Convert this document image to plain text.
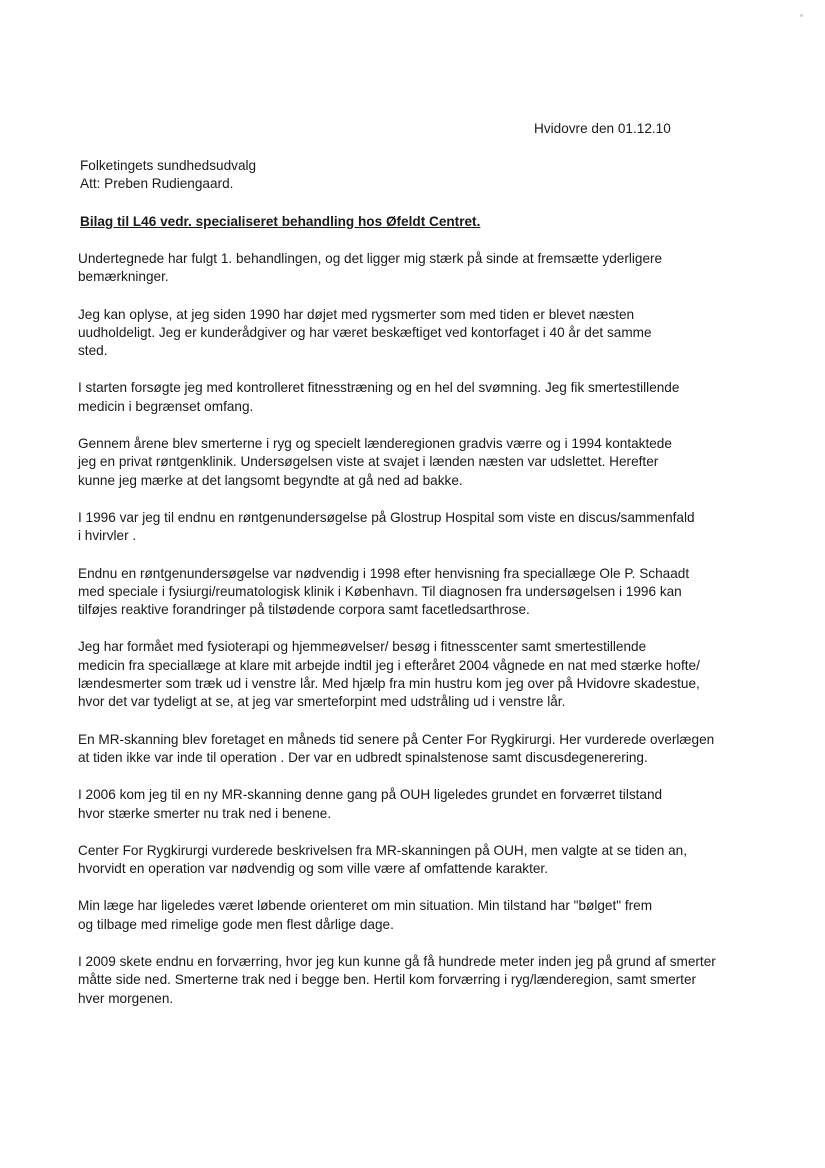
Hvidovre den 01.12.10
Folketingets sundhedsudvalg
Att: Preben Rudiengaard.
Bilag til L46 vedr. specialiseret behandling hos Øfeldt Centret.
Undertegnede har fulgt 1. behandlingen, og det ligger mig stærk på sinde at fremsætte yderligere
bemærkninger.
Jeg kan oplyse, at jeg siden 1990 har døjet med rygsmerter som med tiden er blevet næsten
uudholdeligt. Jeg er kunderådgiver og har været beskæftiget ved kontorfaget i 40 år det samme
sted.
I starten forsøgte jeg med kontrolleret fitnesstræning og en hel del svømning. Jeg fik smertestillende
medicin i begrænset omfang.
Gennem årene blev smerterne i ryg og specielt lænderegionen gradvis værre og i 1994 kontaktede
jeg en privat røntgenklinik. Undersøgelsen viste at svajet i lænden næsten var udslettet. Herefter
kunne jeg mærke at det langsomt begyndte at gå ned ad bakke.
I 1996 var jeg til endnu en røntgenundersøgelse på Glostrup Hospital som viste en discus/sammenfald
i hvirvler .
Endnu en røntgenundersøgelse var nødvendig i 1998 efter henvisning fra speciallæge Ole P. Schaadt
med speciale i fysiurgi/reumatologisk klinik i København. Til diagnosen fra undersøgelsen i 1996 kan
tilføjes reaktive forandringer på tilstødende corpora samt facetledsarthrose.
Jeg har formået med fysioterapi og hjemmeøvelser/ besøg i fitnesscenter samt smertestillende
medicin fra speciallæge at klare mit arbejde indtil jeg i efteråret 2004 vågnede en nat med stærke hofte/
lændesmerter som træk ud i venstre lår. Med hjælp fra min hustru kom jeg over på Hvidovre skadestue,
hvor det var tydeligt at se, at jeg var smerteforpint med udstråling ud i venstre lår.
En MR-skanning blev foretaget en måneds tid senere på Center For Rygkirurgi. Her vurderede overlægen
at tiden ikke var inde til operation . Der var en udbredt spinalstenose samt discusdegenerering.
I 2006 kom jeg til en ny MR-skanning denne gang på OUH ligeledes grundet en forværret tilstand
hvor stærke smerter nu trak ned i benene.
Center For Rygkirurgi vurderede beskrivelsen fra MR-skanningen på OUH, men valgte at se tiden an,
hvorvidt en operation var nødvendig og som ville være af omfattende karakter.
Min læge har ligeledes været løbende orienteret om min situation. Min tilstand har "bølget" frem
og tilbage med rimelige gode men flest dårlige dage.
I 2009 skete endnu en forværring, hvor jeg kun kunne gå få hundrede meter inden jeg på grund af smerter
måtte side ned. Smerterne trak ned i begge ben. Hertil kom forværring i ryg/lænderegion, samt smerter
hver morgenen.
